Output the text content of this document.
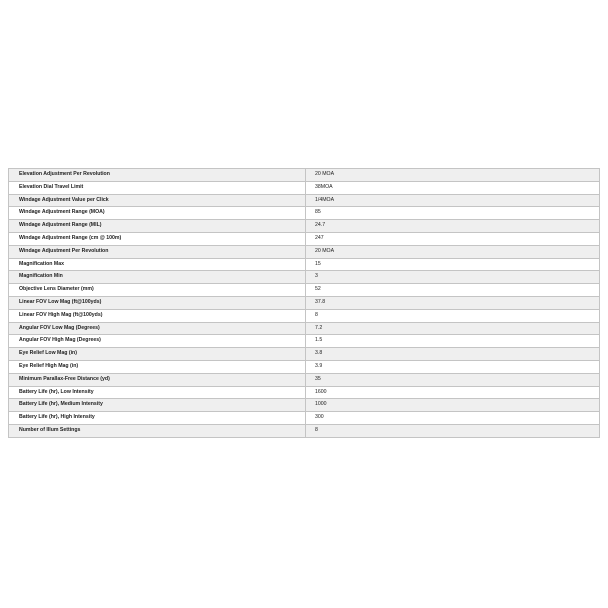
Elevation Adjustment Per Revolution	20 MOA
Elevation Dial Travel Limit	38MOA
Windage Adjustment Value per Click	1/4MOA
Windage Adjustment Range (MOA)	85
Windage Adjustment Range (MIL)	24.7
Windage Adjustment Range (cm @ 100m)	247
Windage Adjustment Per Revolution	20 MOA
Magnification Max	15
Magnification Min	3
Objective Lens Diameter (mm)	52
Linear FOV Low Mag (ft@100yds)	37.8
Linear FOV High Mag (ft@100yds)	8
Angular FOV Low Mag (Degrees)	7.2
Angular FOV High Mag (Degrees)	1.5
Eye Relief Low Mag (in)	3.8
Eye Relief High Mag (in)	3.9
Minimum Parallax-Free Distance (yd)	35
Battery Life (hr), Low Intensity	1600
Battery Life (hr), Medium Intensity	1000
Battery Life (hr), High Intensity	300
Number of Illum Settings	8
